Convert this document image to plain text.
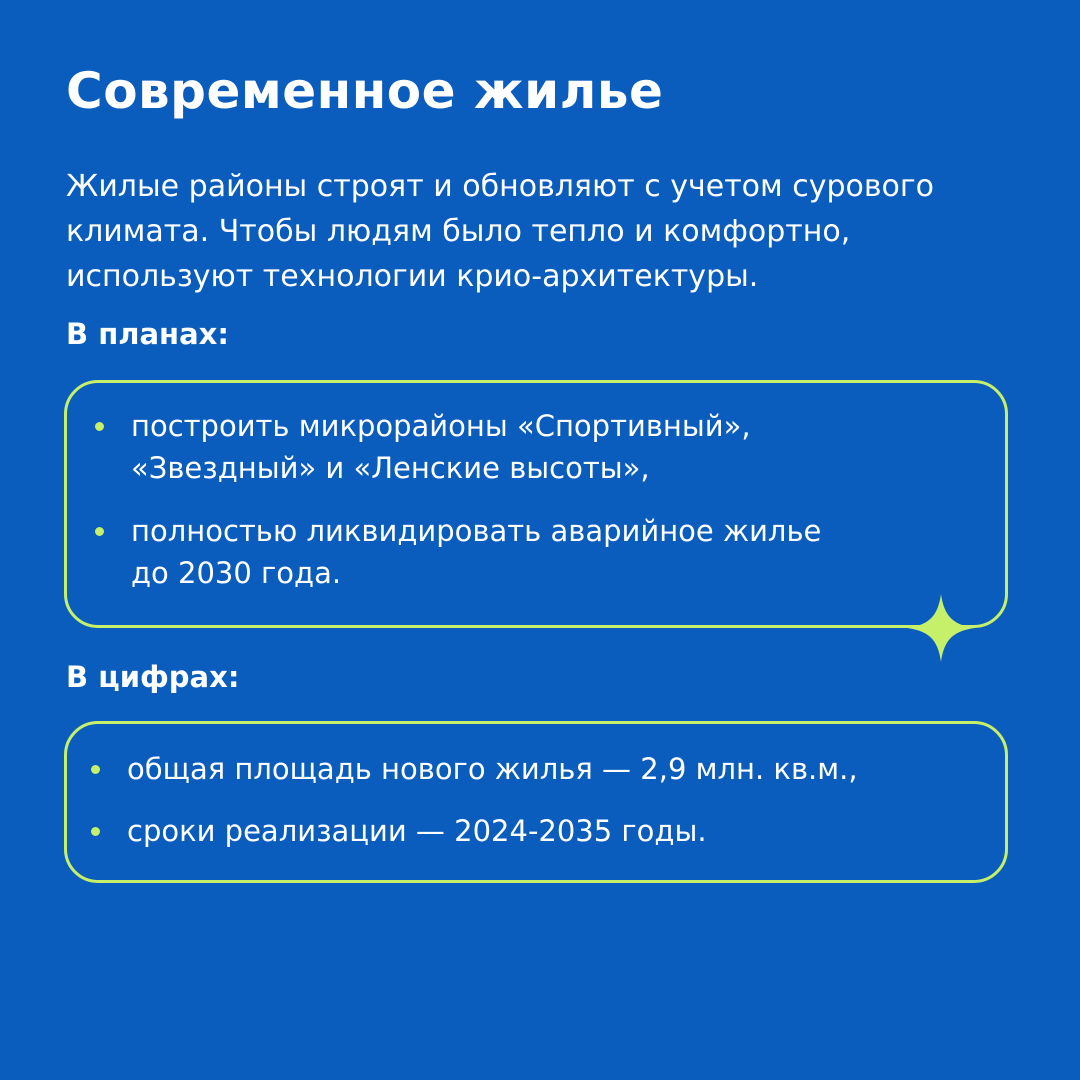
Современное жилье

Жилые районы строят и обновляют с учетом сурового
климата. Чтобы людям было тепло и комфортно,
используют технологии крио-архитектуры.

В планах:
построить микрорайоны «Спортивный»,
«Звездный» и «Ленские высоты»,
полностью ликвидировать аварийное жилье
до 2030 года.
В цифрах:
общая площадь нового жилья — 2,9 млн. кв.м.,
сроки реализации — 2024-2035 годы.
